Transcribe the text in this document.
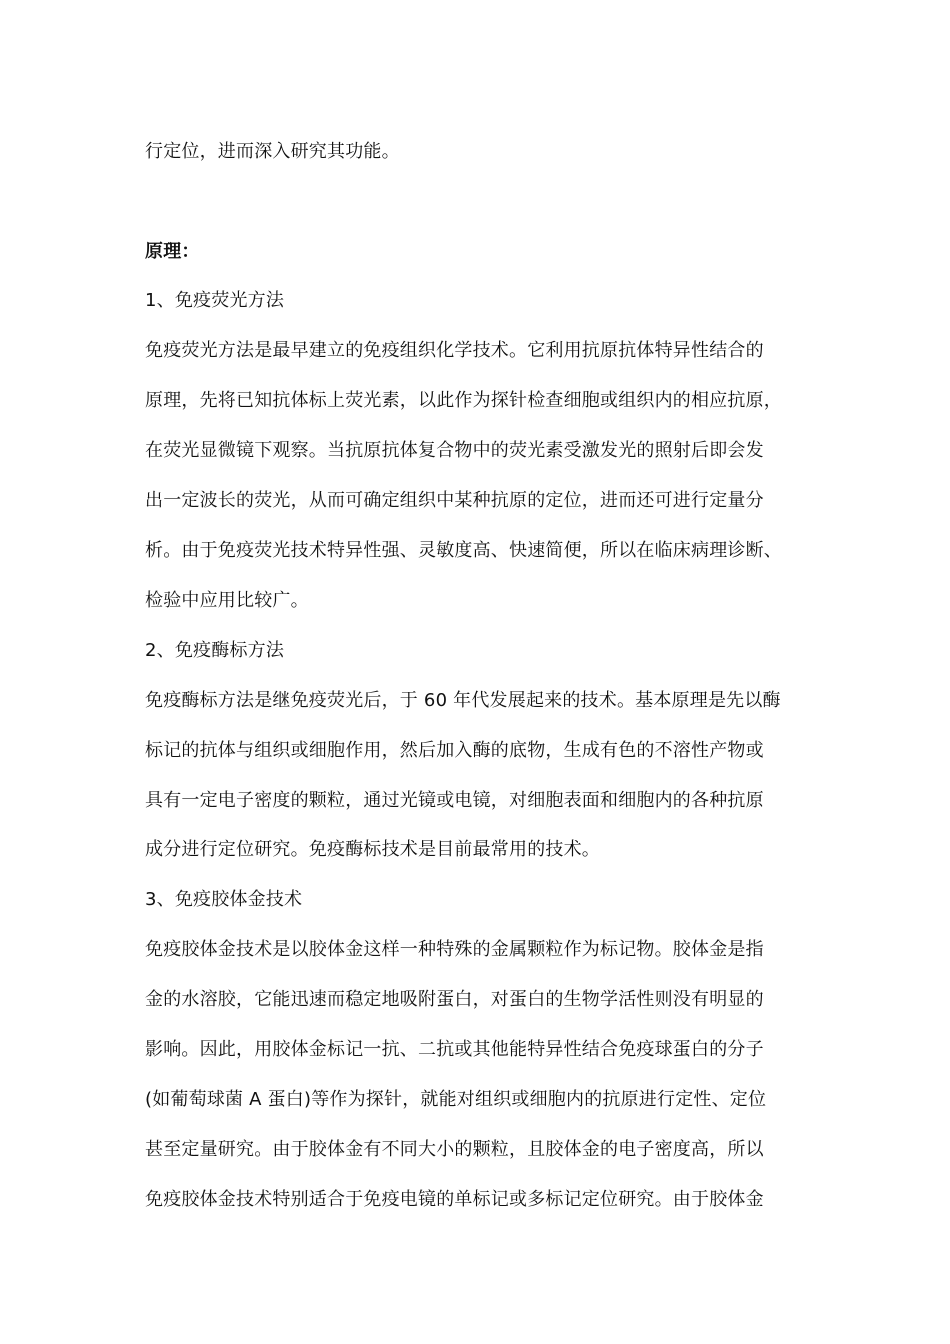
行定位，进而深入研究其功能。
原理：
1、免疫荧光方法
免疫荧光方法是最早建立的免疫组织化学技术。它利用抗原抗体特异性结合的
原理，先将已知抗体标上荧光素，以此作为探针检查细胞或组织内的相应抗原，
在荧光显微镜下观察。当抗原抗体复合物中的荧光素受激发光的照射后即会发
出一定波长的荧光，从而可确定组织中某种抗原的定位，进而还可进行定量分
析。由于免疫荧光技术特异性强、灵敏度高、快速简便，所以在临床病理诊断、
检验中应用比较广。
2、免疫酶标方法
免疫酶标方法是继免疫荧光后，于 60 年代发展起来的技术。基本原理是先以酶
标记的抗体与组织或细胞作用，然后加入酶的底物，生成有色的不溶性产物或
具有一定电子密度的颗粒，通过光镜或电镜，对细胞表面和细胞内的各种抗原
成分进行定位研究。免疫酶标技术是目前最常用的技术。
3、免疫胶体金技术
免疫胶体金技术是以胶体金这样一种特殊的金属颗粒作为标记物。胶体金是指
金的水溶胶，它能迅速而稳定地吸附蛋白，对蛋白的生物学活性则没有明显的
影响。因此，用胶体金标记一抗、二抗或其他能特异性结合免疫球蛋白的分子
(如葡萄球菌 A 蛋白)等作为探针，就能对组织或细胞内的抗原进行定性、定位
甚至定量研究。由于胶体金有不同大小的颗粒，且胶体金的电子密度高，所以
免疫胶体金技术特别适合于免疫电镜的单标记或多标记定位研究。由于胶体金
